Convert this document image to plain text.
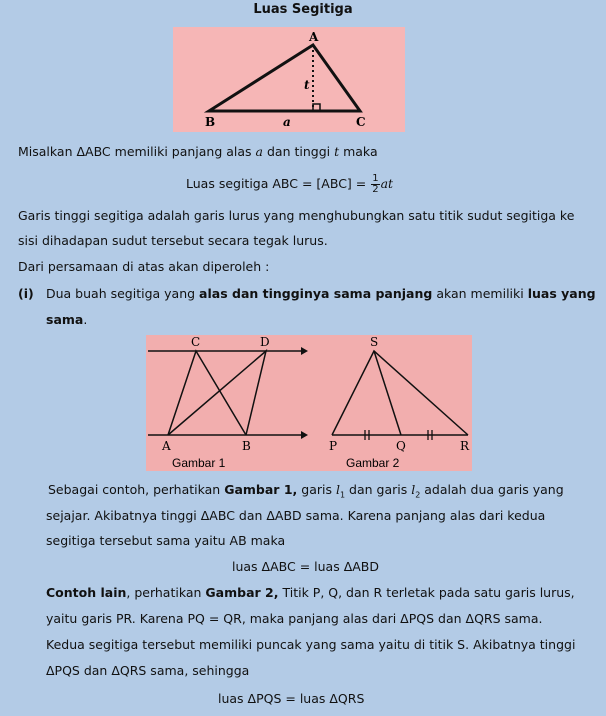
Luas Segitiga
A
B	C
t
a
Misalkan ΔABC memiliki panjang alas a dan tinggi t maka
Luas segitiga ABC = $[ABC] = \frac{1}{2}$ at
Garis tinggi segitiga adalah garis lurus yang menghubungkan satu titik sudut segitiga ke
sisi dihadapan sudut tersebut secara tegak lurus.
Dari persamaan di atas akan diperoleh :
(i) Dua buah segitiga yang alas dan tingginya sama panjang akan memiliki luas yang
sama.
C	D
A	B
Gambar 1
S
P	Q	R
Gambar 2
Sebagai contoh, perhatikan Gambar 1, garis $l_1$ dan garis $l_2$ adalah dua garis yang
sejajar. Akibatnya tinggi ΔABC dan ΔABD sama. Karena panjang alas dari kedua
segitiga tersebut sama yaitu AB maka
luas ΔABC = luas ΔABD
Contoh lain, perhatikan Gambar 2, Titik P, Q, dan R terletak pada satu garis lurus,
yaitu garis PR. Karena PQ = QR, maka panjang alas dari ΔPQS dan ΔQRS sama.
Kedua segitiga tersebut memiliki puncak yang sama yaitu di titik S. Akibatnya tinggi
ΔPQS dan ΔQRS sama, sehingga
luas ΔPQS = luas ΔQRS
